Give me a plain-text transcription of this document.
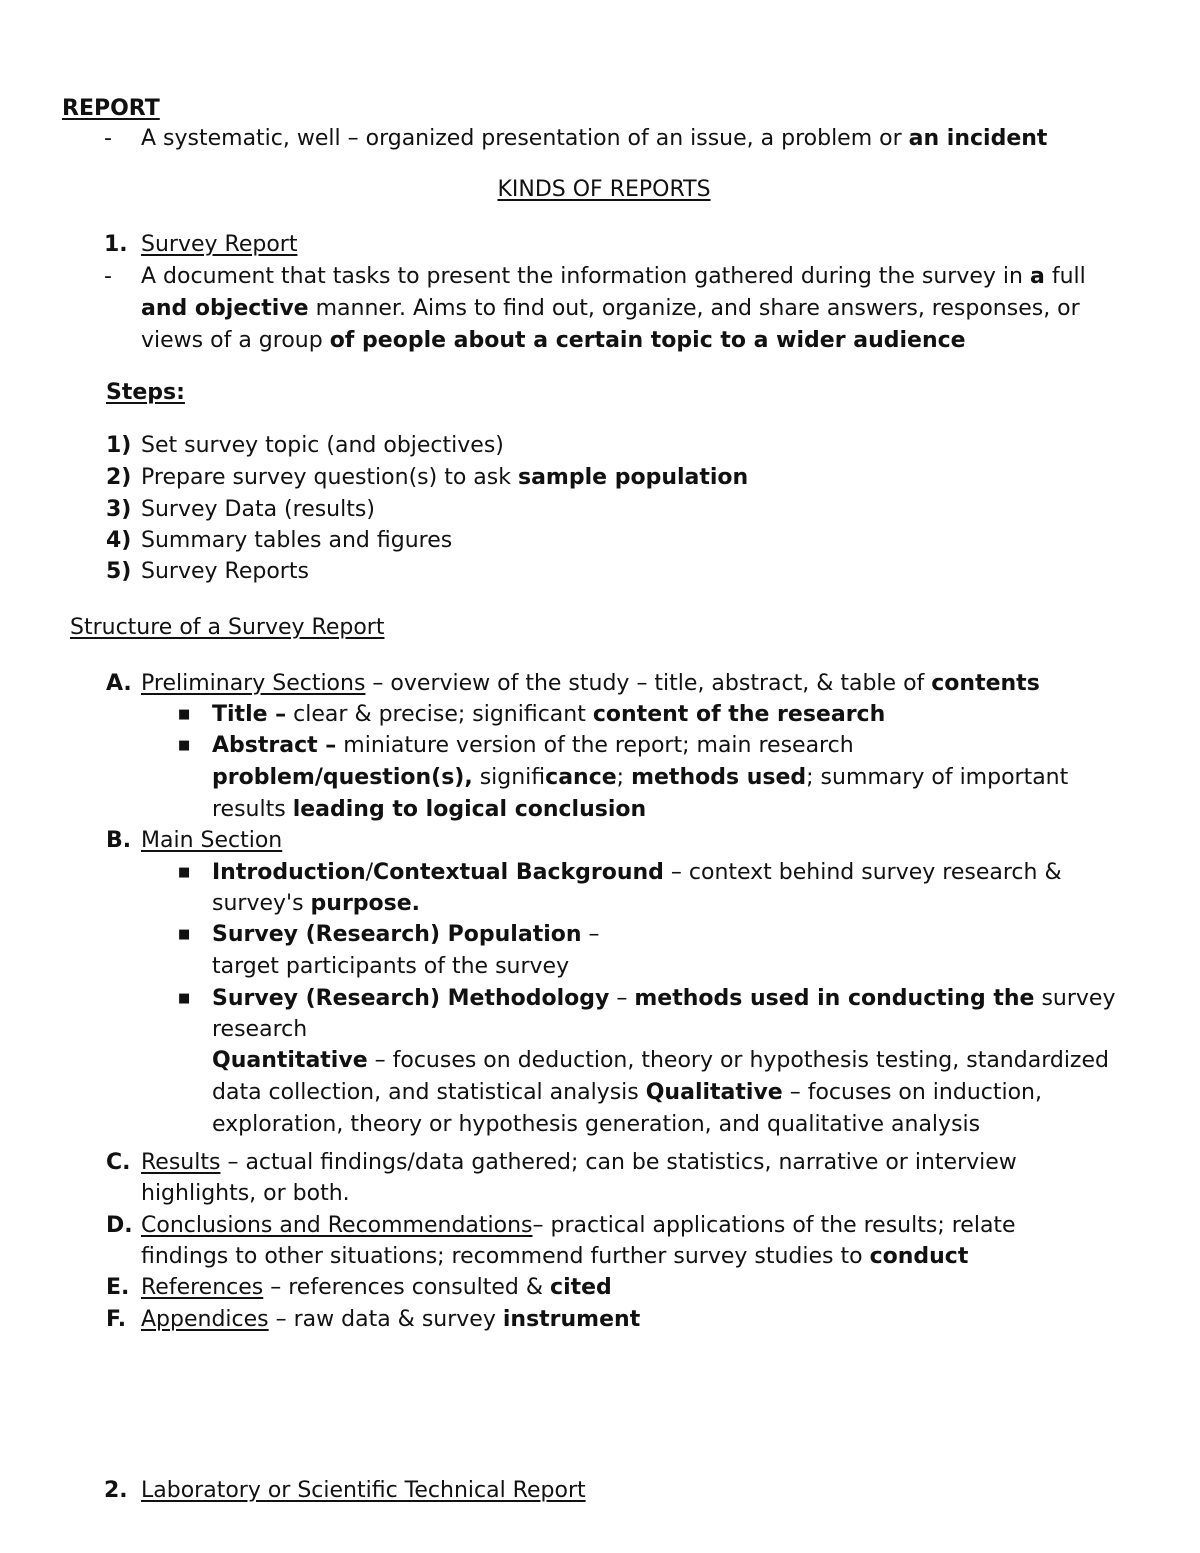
REPORT
- A systematic, well – organized presentation of an issue, a problem or an incident
KINDS OF REPORTS
1. Survey Report
- A document that tasks to present the information gathered during the survey in a full
and objective manner. Aims to find out, organize, and share answers, responses, or
views of a group of people about a certain topic to a wider audience
Steps:
1) Set survey topic (and objectives)
2) Prepare survey question(s) to ask sample population
3) Survey Data (results)
4) Summary tables and figures
5) Survey Reports
Structure of a Survey Report
A. Preliminary Sections – overview of the study – title, abstract, & table of contents
■ Title – clear & precise; significant content of the research
■ Abstract – miniature version of the report; main research
problem/question(s), significance; methods used; summary of important
results leading to logical conclusion
B. Main Section
■ Introduction/Contextual Background – context behind survey research &
survey's purpose.
■ Survey (Research) Population –
target participants of the survey
■ Survey (Research) Methodology – methods used in conducting the survey
research
Quantitative – focuses on deduction, theory or hypothesis testing, standardized
data collection, and statistical analysis Qualitative – focuses on induction,
exploration, theory or hypothesis generation, and qualitative analysis
C. Results – actual findings/data gathered; can be statistics, narrative or interview
highlights, or both.
D. Conclusions and Recommendations– practical applications of the results; relate
findings to other situations; recommend further survey studies to conduct
E. References – references consulted & cited
F. Appendices – raw data & survey instrument
2. Laboratory or Scientific Technical Report
